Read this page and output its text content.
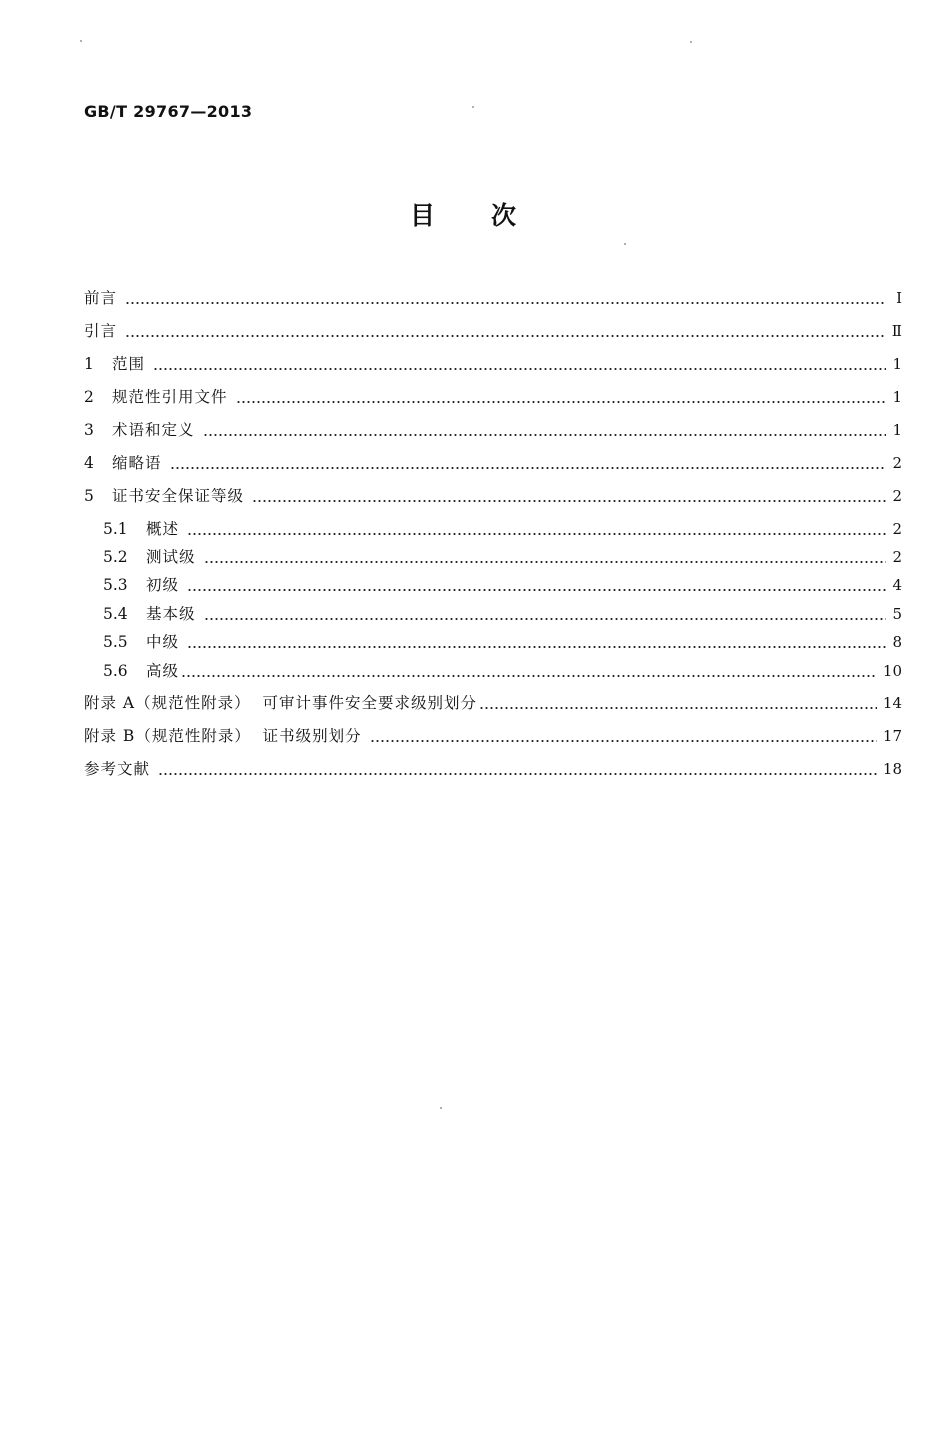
GB/T 29767—2013
目次
前言	Ⅰ
引言	Ⅱ
1	范围	1
2	规范性引用文件	1
3	术语和定义	1
4	缩略语	2
5	证书安全保证等级	2
5.1	概述	2
5.2	测试级	2
5.3	初级	4
5.4	基本级	5
5.5	中级	8
5.6	高级	10
附录 A（规范性附录）  可审计事件安全要求级别划分	14
附录 B（规范性附录）  证书级别划分	17
参考文献	18
